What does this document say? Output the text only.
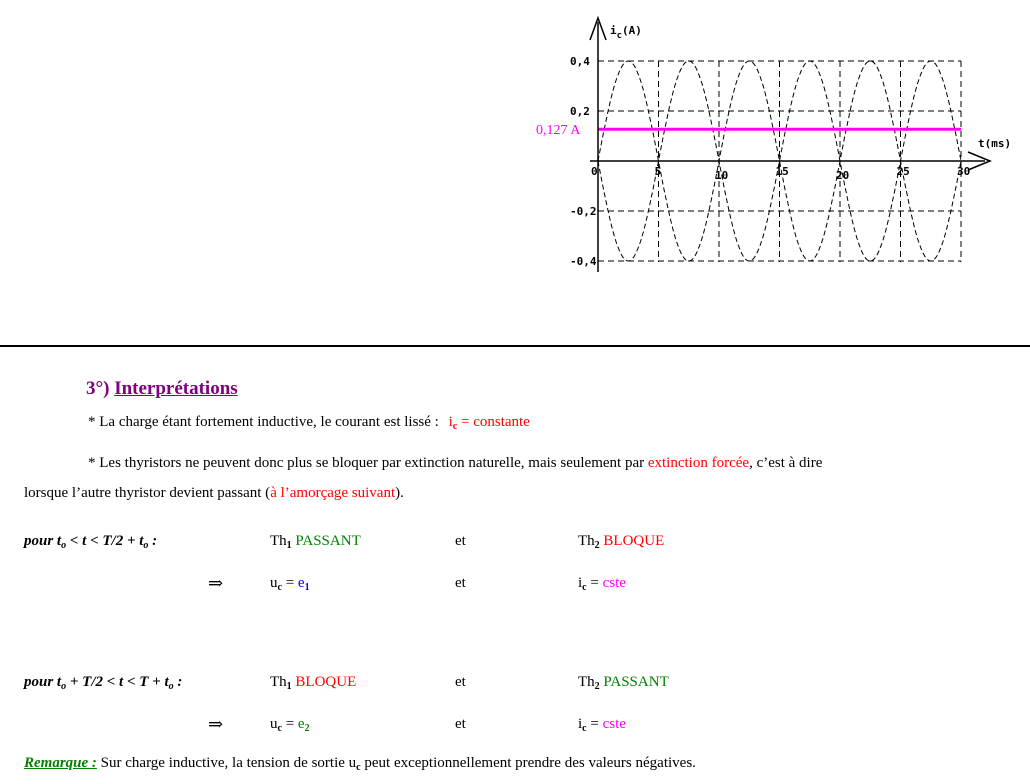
$i_c(A)$
t(ms)
0	5	10	15	20	25	30
0,4
0,2
-0,2
-0,4
0,127 A
3°) Interprétations
* La charge étant fortement inductive, le courant est lissé : $i_c$ = constante
* Les thyristors ne peuvent donc plus se bloquer par extinction naturelle, mais seulement par extinction forcée, c’est à dire
lorsque l’autre thyristor devient passant (à l’amorçage suivant).
pour $t_o < t < T/2 + t_o$ :	$Th_1$ PASSANT	et	$Th_2$ BLOQUE
⇒	$u_c = e_1$	et	$i_c$ = cste
pour $t_o + T/2 < t < T + t_o$ :	$Th_1$ BLOQUE	et	$Th_2$ PASSANT
⇒	$u_c = e_2$	et	$i_c$ = cste
Remarque : Sur charge inductive, la tension de sortie $u_c$ peut exceptionnellement prendre des valeurs négatives.
